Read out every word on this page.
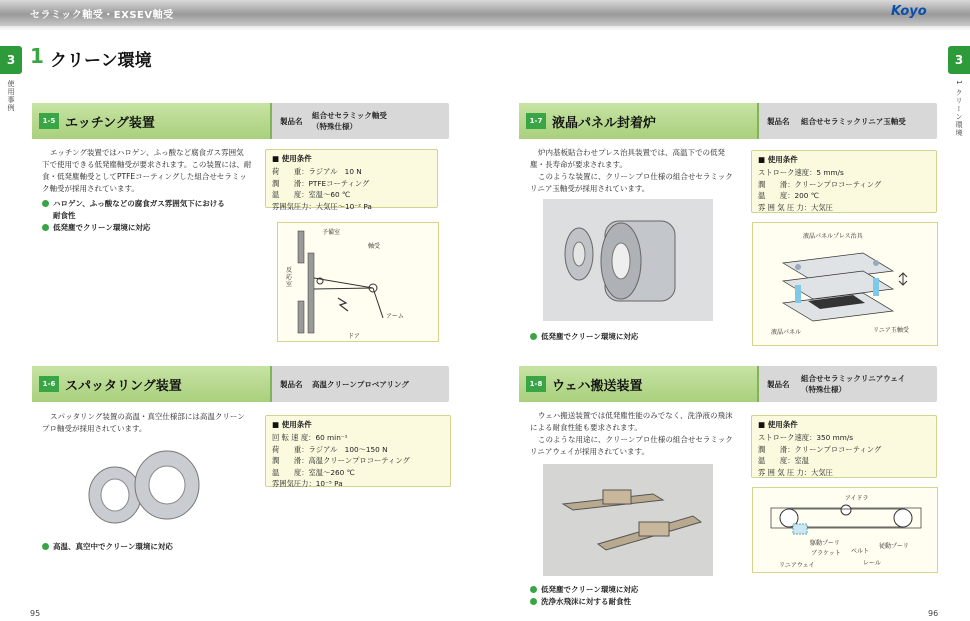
セラミック軸受・EXSEV軸受	Koyo
3
使用事例
3
1 クリーン環境
1 クリーン環境
1-5 エッチング装置	製品名
組合せセラミック軸受
（特殊仕様）
エッチング装置ではハロゲン、ふっ酸など腐食ガス雰囲気
下で使用できる低発塵軸受が要求されます。この装置には、耐
食・低発塵軸受としてPTFEコーティングした組合せセラミッ
ク軸受が採用されています。
ハロゲン、ふっ酸などの腐食ガス雰囲気下における
耐食性
低発塵でクリーン環境に対応
■ 使用条件
荷　　重：ラジアル　10 N
潤　　滑：PTFEコーティング
温　　度：室温〜60 ℃
雰囲気圧力：大気圧〜10⁻² Pa
予備室
軸受
反応室
アーム
ドア
1-6 スパッタリング装置	製品名 高温クリーンプロベアリング
スパッタリング装置の高温・真空仕様部には高温クリーン
プロ軸受が採用されています。
高温、真空中でクリーン環境に対応
■ 使用条件
回 転 速 度：60 min⁻¹
荷　　重：ラジアル　100〜150 N
潤　　滑：高温クリーンプロコーティング
温　　度：室温〜260 ℃
雰囲気圧力：10⁻⁵ Pa
1-7 液晶パネル封着炉	製品名 組合せセラミックリニア玉軸受
炉内基板貼合わせプレス治具装置では、高温下での低発
塵・長寿命が要求されます。
このような装置に、クリーンプロ仕様の組合せセラミック
リニア玉軸受が採用されています。
低発塵でクリーン環境に対応
■ 使用条件
ストローク速度：5 mm/s
潤　　滑：クリーンプロコーティング
温　　度：200 ℃
雰 囲 気 圧 力：大気圧
液晶パネルプレス治具
液晶パネル	リニア玉軸受
1-8 ウェハ搬送装置	製品名
組合せセラミックリニアウェイ
（特殊仕様）
ウェハ搬送装置では低発塵性能のみでなく、洗浄液の飛沫
による耐食性能も要求されます。
このような用途に、クリーンプロ仕様の組合せセラミック
リニアウェイが採用されています。
低発塵でクリーン環境に対応
洗浄水飛沫に対する耐食性
■ 使用条件
ストローク速度：350 mm/s
潤　　滑：クリーンプロコーティング
温　　度：室温
雰 囲 気 圧 力：大気圧
アイドラ
駆動プーリ
ブラケット ベルト
従動プーリ
レール
リニアウェイ
95	96
